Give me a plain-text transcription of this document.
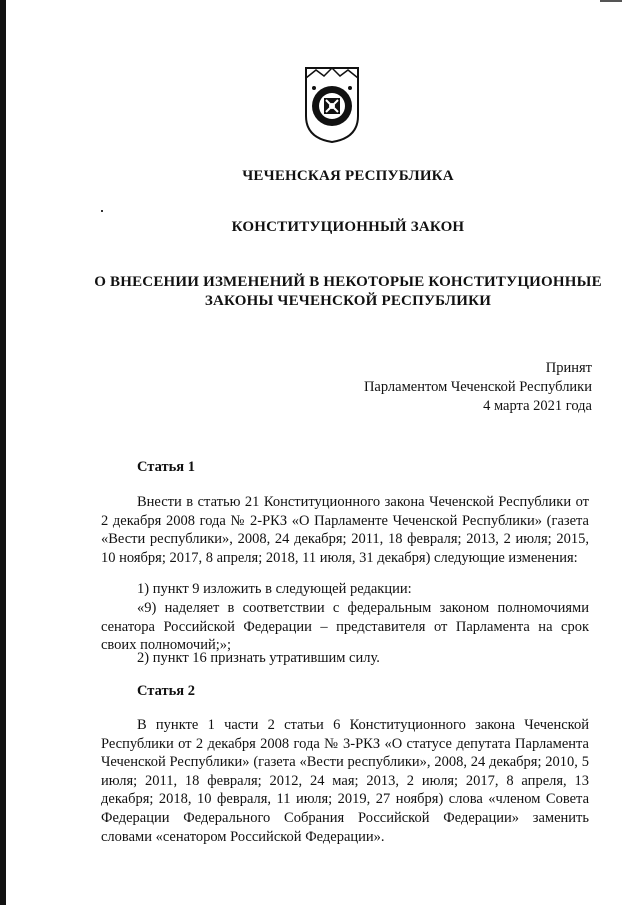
ЧЕЧЕНСКАЯ РЕСПУБЛИКА
КОНСТИТУЦИОННЫЙ ЗАКОН
О ВНЕСЕНИИ ИЗМЕНЕНИЙ В НЕКОТОРЫЕ КОНСТИТУЦИОННЫЕ ЗАКОНЫ ЧЕЧЕНСКОЙ РЕСПУБЛИКИ
Принят
Парламентом Чеченской Республики
4 марта 2021 года
Статья 1

Внести в статью 21 Конституционного закона Чеченской Республики от 2 декабря 2008 года № 2-РКЗ «О Парламенте Чеченской Республики» (газета «Вести республики», 2008, 24 декабря; 2011, 18 февраля; 2013, 2 июля; 2015, 10 ноября; 2017, 8 апреля; 2018, 11 июля, 31 декабря) следующие изменения:

1) пункт 9 изложить в следующей редакции:

«9) наделяет в соответствии с федеральным законом полномочиями сенатора Российской Федерации – представителя от Парламента на срок своих полномочий;»;

2) пункт 16 признать утратившим силу.

Статья 2

В пункте 1 части 2 статьи 6 Конституционного закона Чеченской Республики от 2 декабря 2008 года № 3-РКЗ «О статусе депутата Парламента Чеченской Республики» (газета «Вести республики», 2008, 24 декабря; 2010, 5 июля; 2011, 18 февраля; 2012, 24 мая; 2013, 2 июля; 2017, 8 апреля, 13 декабря; 2018, 10 февраля, 11 июля; 2019, 27 ноября) слова «членом Совета Федерации Федерального Собрания Российской Федерации» заменить словами «сенатором Российской Федерации».
